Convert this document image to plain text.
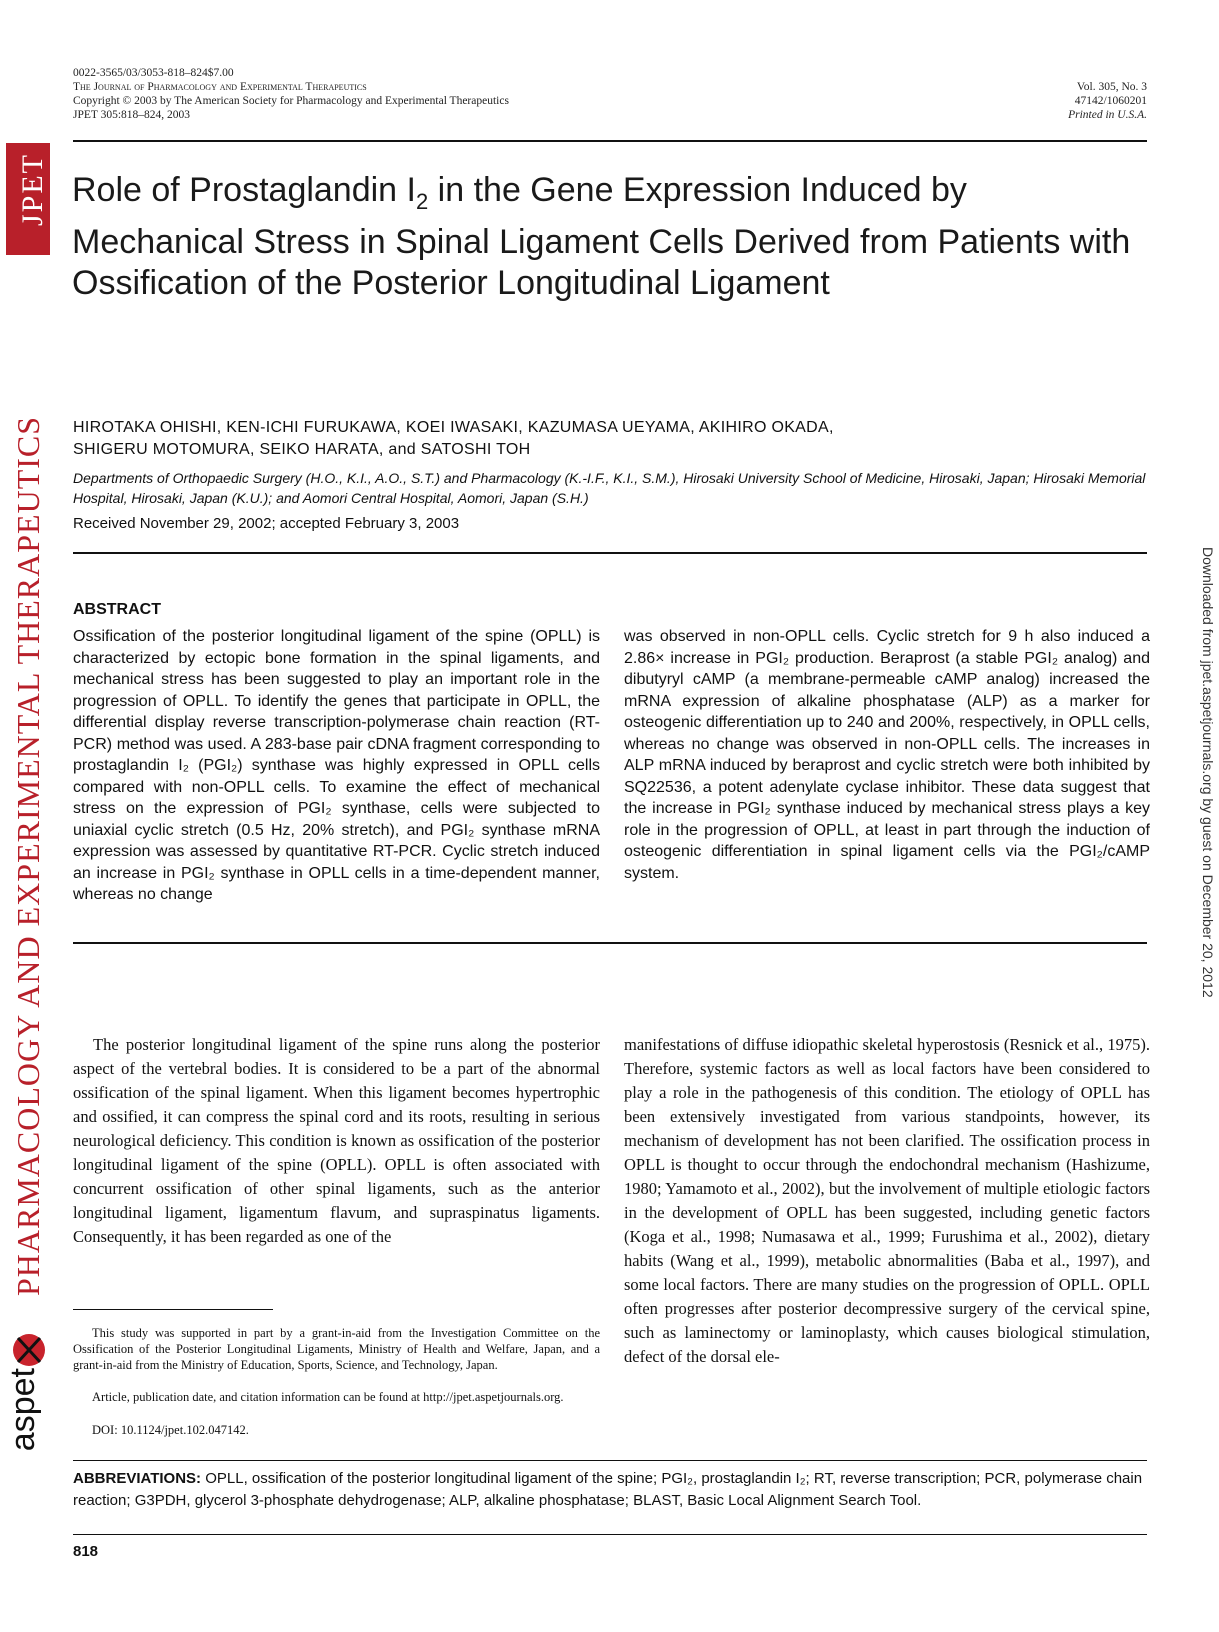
0022-3565/03/3053-818–824$7.00
The Journal of Pharmacology and Experimental Therapeutics
Copyright © 2003 by The American Society for Pharmacology and Experimental Therapeutics
JPET 305:818–824, 2003
Vol. 305, No. 3
47142/1060201
Printed in U.S.A.
JPET
PHARMACOLOGY AND EXPERIMENTAL THERAPEUTICS
aspet
Downloaded from jpet.aspetjournals.org by guest on December 20, 2012
Role of Prostaglandin $I_2$ in the Gene Expression Induced by Mechanical Stress in Spinal Ligament Cells Derived from Patients with Ossification of the Posterior Longitudinal Ligament
HIROTAKA OHISHI, KEN-ICHI FURUKAWA, KOEI IWASAKI, KAZUMASA UEYAMA, AKIHIRO OKADA,
SHIGERU MOTOMURA, SEIKO HARATA, and SATOSHI TOH
Departments of Orthopaedic Surgery (H.O., K.I., A.O., S.T.) and Pharmacology (K.-I.F., K.I., S.M.), Hirosaki University School of Medicine, Hirosaki, Japan; Hirosaki Memorial Hospital, Hirosaki, Japan (K.U.); and Aomori Central Hospital, Aomori, Japan (S.H.)
Received November 29, 2002; accepted February 3, 2003
ABSTRACT
Ossification of the posterior longitudinal ligament of the spine (OPLL) is characterized by ectopic bone formation in the spinal ligaments, and mechanical stress has been suggested to play an important role in the progression of OPLL. To identify the genes that participate in OPLL, the differential display reverse transcription-polymerase chain reaction (RT-PCR) method was used. A 283-base pair cDNA fragment corresponding to prostaglandin I₂ (PGI₂) synthase was highly expressed in OPLL cells compared with non-OPLL cells. To examine the effect of mechanical stress on the expression of PGI₂ synthase, cells were subjected to uniaxial cyclic stretch (0.5 Hz, 20% stretch), and PGI₂ synthase mRNA expression was assessed by quantitative RT-PCR. Cyclic stretch induced an increase in PGI₂ synthase in OPLL cells in a time-dependent manner, whereas no change
was observed in non-OPLL cells. Cyclic stretch for 9 h also induced a 2.86× increase in PGI₂ production. Beraprost (a stable PGI₂ analog) and dibutyryl cAMP (a membrane-permeable cAMP analog) increased the mRNA expression of alkaline phosphatase (ALP) as a marker for osteogenic differentiation up to 240 and 200%, respectively, in OPLL cells, whereas no change was observed in non-OPLL cells. The increases in ALP mRNA induced by beraprost and cyclic stretch were both inhibited by SQ22536, a potent adenylate cyclase inhibitor. These data suggest that the increase in PGI₂ synthase induced by mechanical stress plays a key role in the progression of OPLL, at least in part through the induction of osteogenic differentiation in spinal ligament cells via the PGI₂/cAMP system.
The posterior longitudinal ligament of the spine runs along the posterior aspect of the vertebral bodies. It is considered to be a part of the abnormal ossification of the spinal ligament. When this ligament becomes hypertrophic and ossified, it can compress the spinal cord and its roots, resulting in serious neurological deficiency. This condition is known as ossification of the posterior longitudinal ligament of the spine (OPLL). OPLL is often associated with concurrent ossification of other spinal ligaments, such as the anterior longitudinal ligament, ligamentum flavum, and supraspinatus ligaments. Consequently, it has been regarded as one of the
manifestations of diffuse idiopathic skeletal hyperostosis (Resnick et al., 1975). Therefore, systemic factors as well as local factors have been considered to play a role in the pathogenesis of this condition. The etiology of OPLL has been extensively investigated from various standpoints, however, its mechanism of development has not been clarified. The ossification process in OPLL is thought to occur through the endochondral mechanism (Hashizume, 1980; Yamamoto et al., 2002), but the involvement of multiple etiologic factors in the development of OPLL has been suggested, including genetic factors (Koga et al., 1998; Numasawa et al., 1999; Furushima et al., 2002), dietary habits (Wang et al., 1999), metabolic abnormalities (Baba et al., 1997), and some local factors. There are many studies on the progression of OPLL. OPLL often progresses after posterior decompressive surgery of the cervical spine, such as laminectomy or laminoplasty, which causes biological stimulation, defect of the dorsal ele-
This study was supported in part by a grant-in-aid from the Investigation Committee on the Ossification of the Posterior Longitudinal Ligaments, Ministry of Health and Welfare, Japan, and a grant-in-aid from the Ministry of Education, Sports, Science, and Technology, Japan.
Article, publication date, and citation information can be found at http://jpet.aspetjournals.org.
DOI: 10.1124/jpet.102.047142.
ABBREVIATIONS: OPLL, ossification of the posterior longitudinal ligament of the spine; PGI₂, prostaglandin I₂; RT, reverse transcription; PCR, polymerase chain reaction; G3PDH, glycerol 3-phosphate dehydrogenase; ALP, alkaline phosphatase; BLAST, Basic Local Alignment Search Tool.
818
